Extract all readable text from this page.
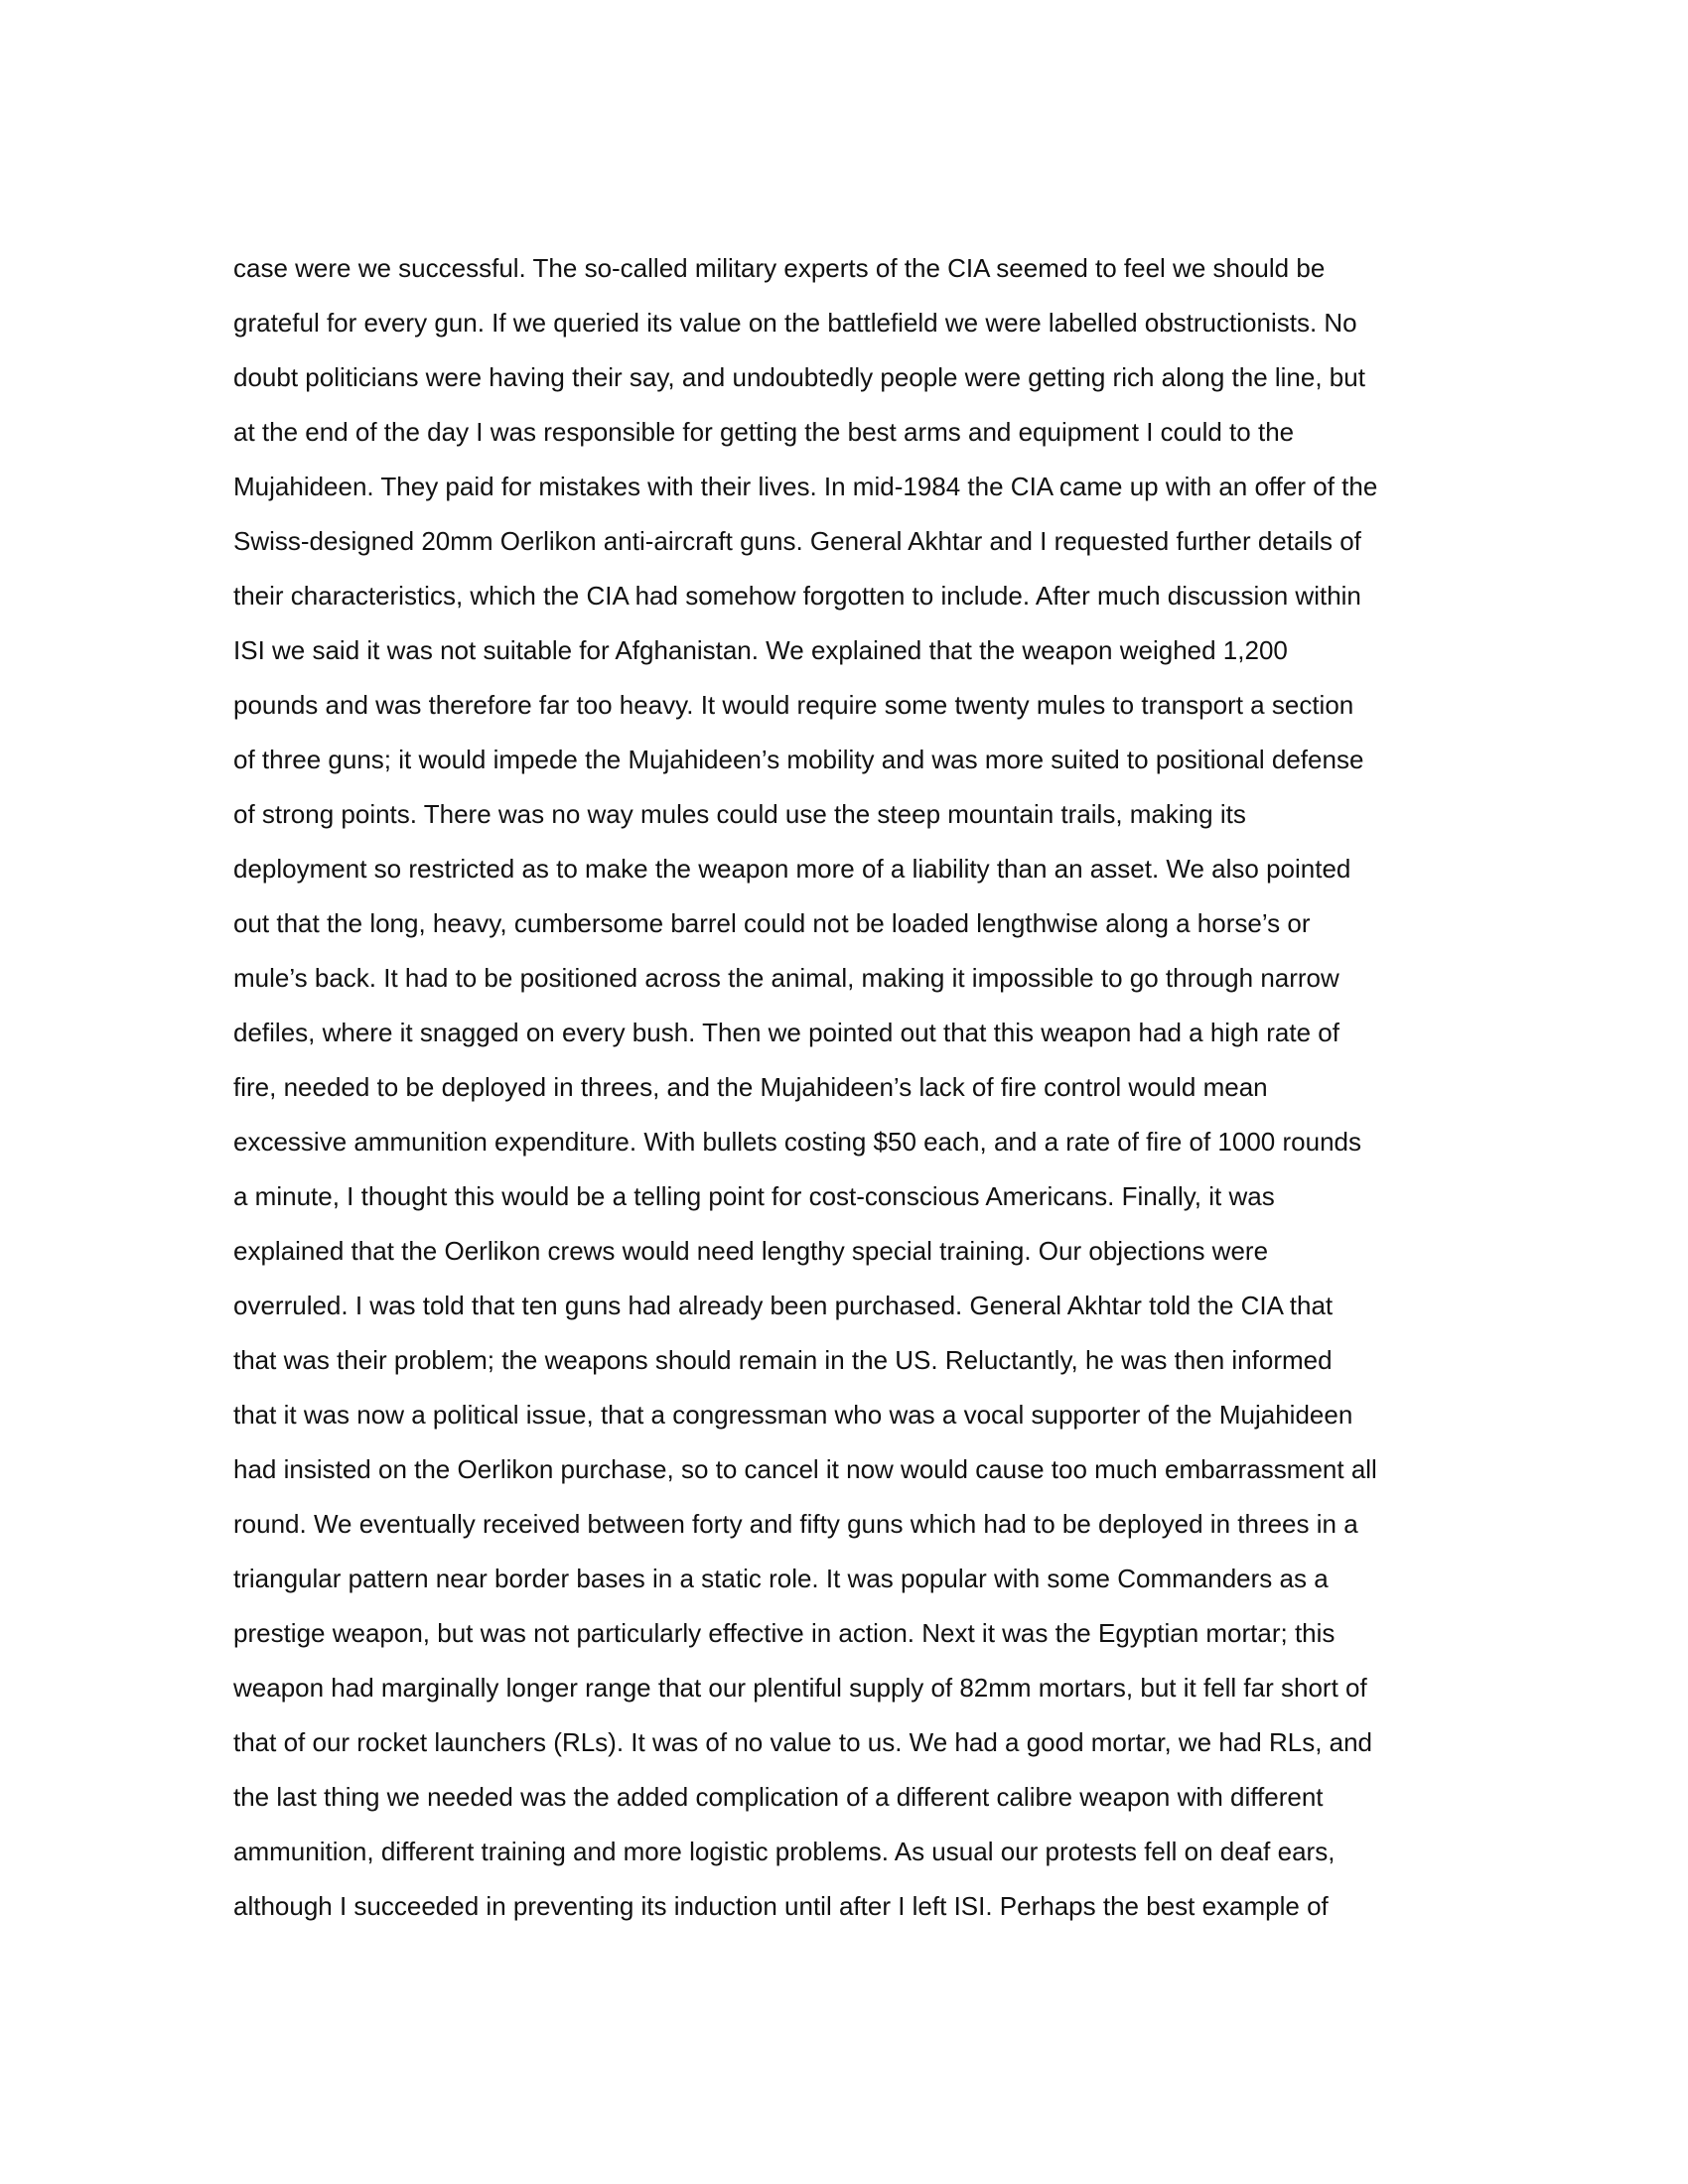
case were we successful. The so-called military experts of the CIA seemed to feel we should be
grateful for every gun. If we queried its value on the battlefield we were labelled obstructionists. No
doubt politicians were having their say, and undoubtedly people were getting rich along the line, but
at the end of the day I was responsible for getting the best arms and equipment I could to the
Mujahideen. They paid for mistakes with their lives. In mid-1984 the CIA came up with an offer of the
Swiss-designed 20mm Oerlikon anti-aircraft guns. General Akhtar and I requested further details of
their characteristics, which the CIA had somehow forgotten to include. After much discussion within
ISI we said it was not suitable for Afghanistan. We explained that the weapon weighed 1,200
pounds and was therefore far too heavy. It would require some twenty mules to transport a section
of three guns; it would impede the Mujahideen’s mobility and was more suited to positional defense
of strong points. There was no way mules could use the steep mountain trails, making its
deployment so restricted as to make the weapon more of a liability than an asset. We also pointed
out that the long, heavy, cumbersome barrel could not be loaded lengthwise along a horse’s or
mule’s back. It had to be positioned across the animal, making it impossible to go through narrow
defiles, where it snagged on every bush. Then we pointed out that this weapon had a high rate of
fire, needed to be deployed in threes, and the Mujahideen’s lack of fire control would mean
excessive ammunition expenditure. With bullets costing $50 each, and a rate of fire of 1000 rounds
a minute, I thought this would be a telling point for cost-conscious Americans. Finally, it was
explained that the Oerlikon crews would need lengthy special training. Our objections were
overruled. I was told that ten guns had already been purchased. General Akhtar told the CIA that
that was their problem; the weapons should remain in the US. Reluctantly, he was then informed
that it was now a political issue, that a congressman who was a vocal supporter of the Mujahideen
had insisted on the Oerlikon purchase, so to cancel it now would cause too much embarrassment all
round. We eventually received between forty and fifty guns which had to be deployed in threes in a
triangular pattern near border bases in a static role. It was popular with some Commanders as a
prestige weapon, but was not particularly effective in action. Next it was the Egyptian mortar; this
weapon had marginally longer range that our plentiful supply of 82mm mortars, but it fell far short of
that of our rocket launchers (RLs). It was of no value to us. We had a good mortar, we had RLs, and
the last thing we needed was the added complication of a different calibre weapon with different
ammunition, different training and more logistic problems. As usual our protests fell on deaf ears,
although I succeeded in preventing its induction until after I left ISI. Perhaps the best example of
